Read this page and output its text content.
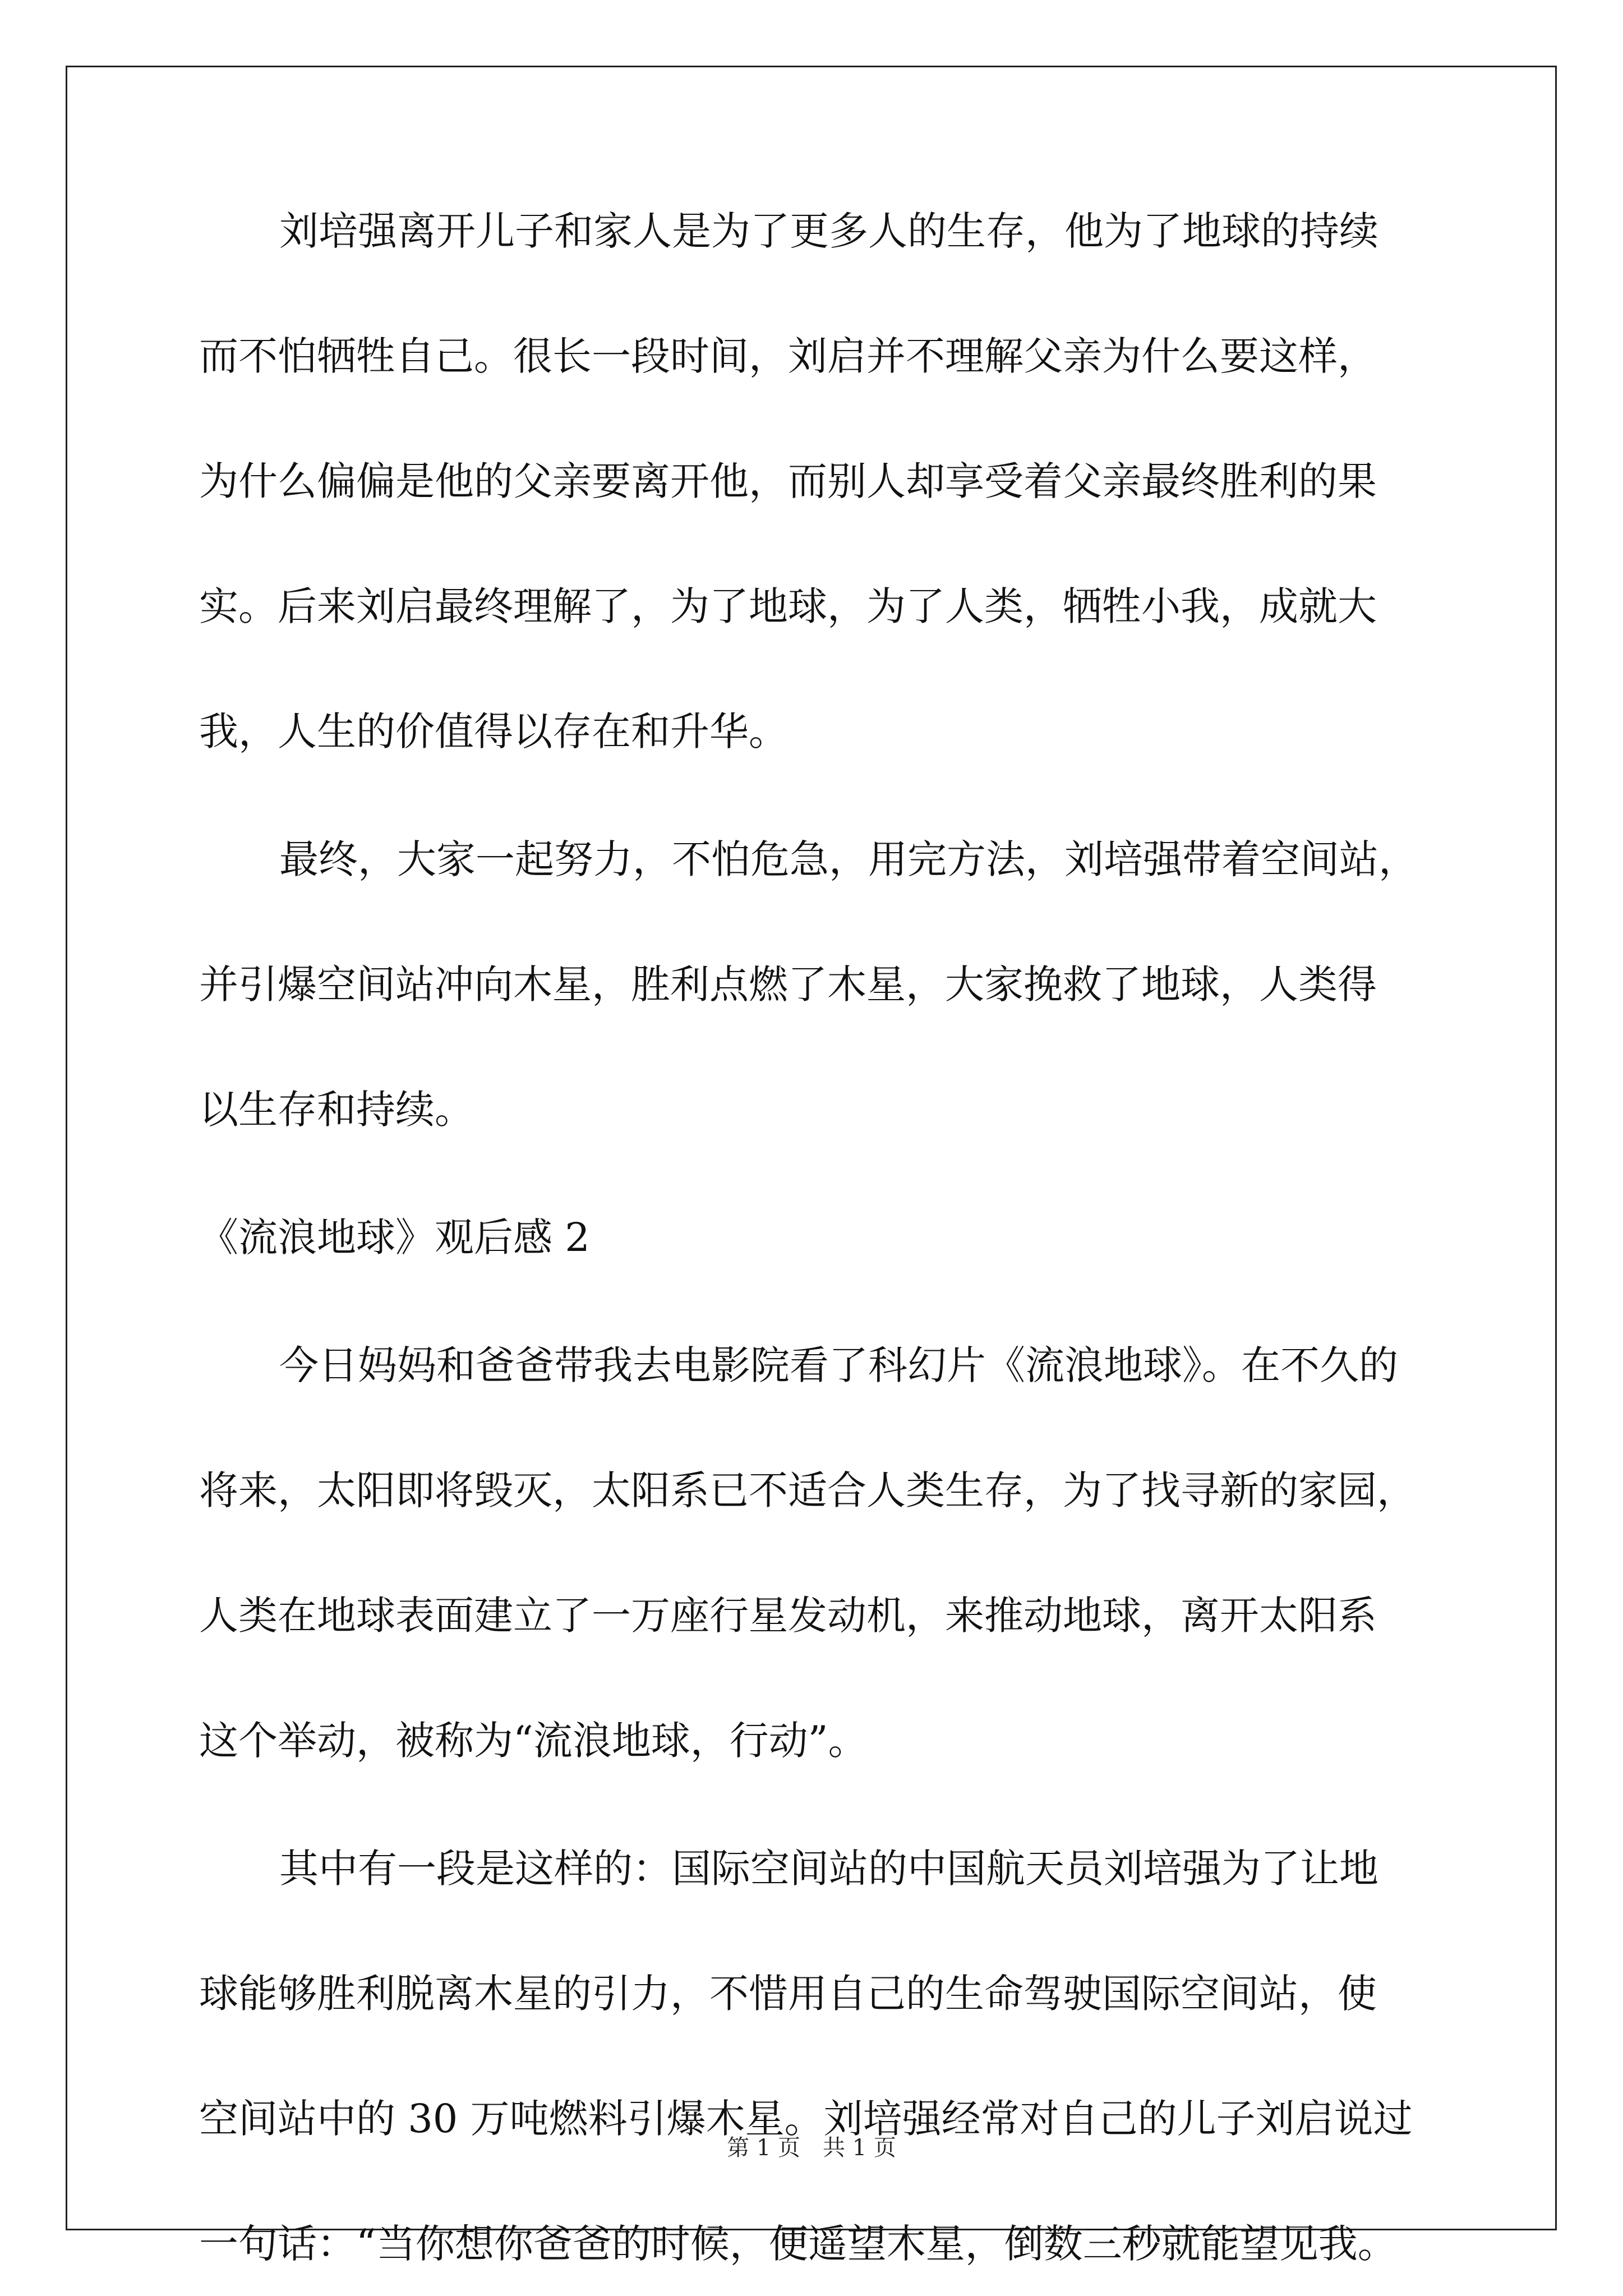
刘培强离开儿子和家人是为了更多人的生存，他为了地球的持续
而不怕牺牲自己。很长一段时间，刘启并不理解父亲为什么要这样，
为什么偏偏是他的父亲要离开他，而别人却享受着父亲最终胜利的果
实。后来刘启最终理解了，为了地球，为了人类，牺牲小我，成就大
我，人生的价值得以存在和升华。
最终，大家一起努力，不怕危急，用完方法，刘培强带着空间站，
并引爆空间站冲向木星，胜利点燃了木星，大家挽救了地球，人类得
以生存和持续。
《流浪地球》观后感 2
今日妈妈和爸爸带我去电影院看了科幻片《流浪地球》。在不久的
将来，太阳即将毁灭，太阳系已不适合人类生存，为了找寻新的家园，
人类在地球表面建立了一万座行星发动机，来推动地球，离开太阳系
这个举动，被称为“流浪地球，行动”。
其中有一段是这样的：国际空间站的中国航天员刘培强为了让地
球能够胜利脱离木星的引力，不惜用自己的生命驾驶国际空间站，使
空间站中的 30 万吨燃料引爆木星。刘培强经常对自己的儿子刘启说过
一句话：“当你想你爸爸的时候，便遥望木星，倒数三秒就能望见我。
第 1 页　共 1 页
